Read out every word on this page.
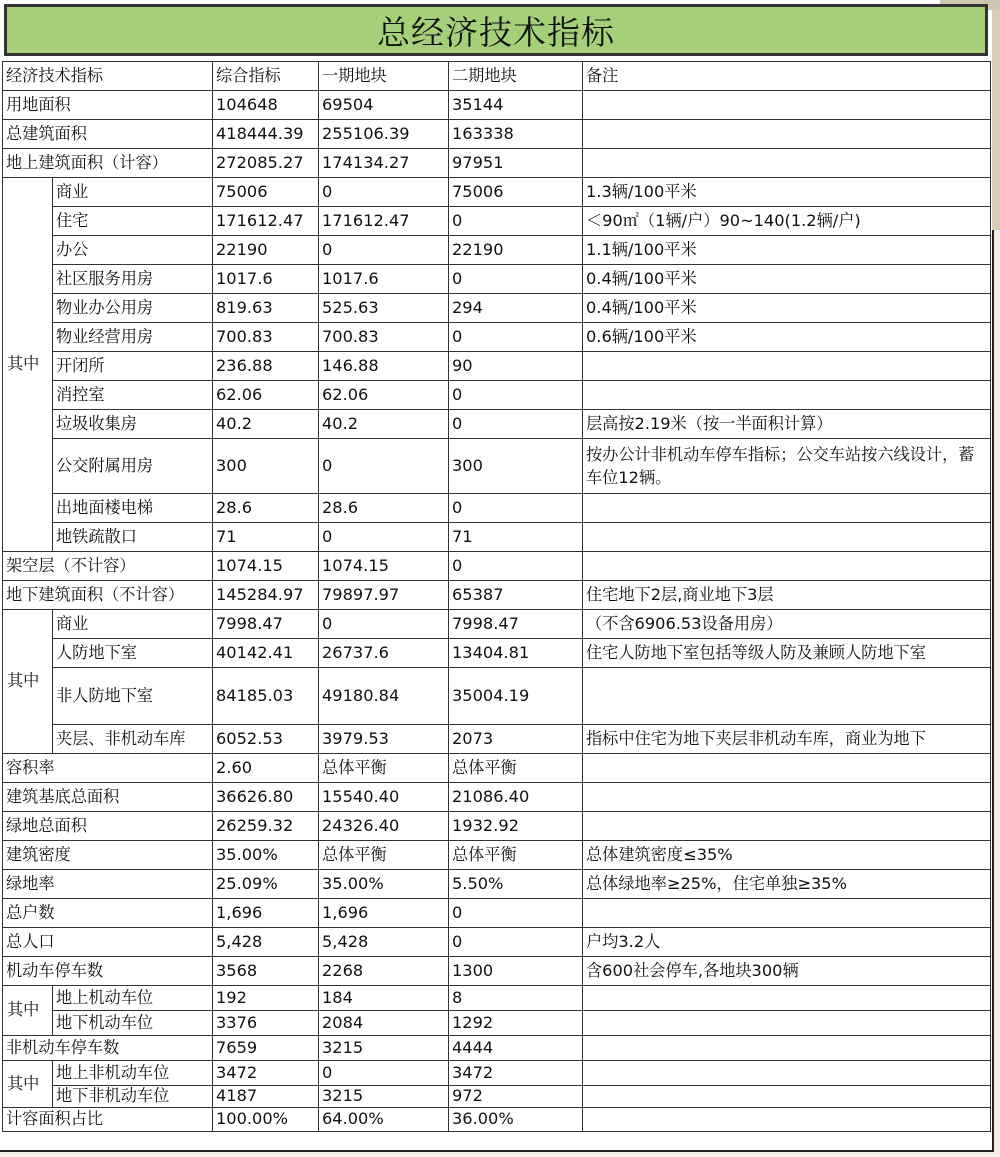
总经济技术指标
经济技术指标		综合指标	一期地块	二期地块	备注
用地面积		104648	69504	35144	
总建筑面积		418444.39	255106.39	163338	
地上建筑面积（计容）		272085.27	174134.27	97951	
其中	商业	75006	0	75006	1.3辆/100平米
	住宅	171612.47	171612.47	0	＜90㎡（1辆/户）90~140(1.2辆/户)
	办公	22190	0	22190	1.1辆/100平米
	社区服务用房	1017.6	1017.6	0	0.4辆/100平米
	物业办公用房	819.63	525.63	294	0.4辆/100平米
	物业经营用房	700.83	700.83	0	0.6辆/100平米
	开闭所	236.88	146.88	90	
	消控室	62.06	62.06	0	
	垃圾收集房	40.2	40.2	0	层高按2.19米（按一半面积计算）
	公交附属用房	300	0	300	按办公计非机动车停车指标；公交车站按六线设计，蓄车位12辆。
	出地面楼电梯	28.6	28.6	0	
	地铁疏散口	71	0	71	
架空层（不计容）		1074.15	1074.15	0	
地下建筑面积（不计容）		145284.97	79897.97	65387	住宅地下2层,商业地下3层
其中	商业	7998.47	0	7998.47	（不含6906.53设备用房）
	人防地下室	40142.41	26737.6	13404.81	住宅人防地下室包括等级人防及兼顾人防地下室
	非人防地下室	84185.03	49180.84	35004.19	
	夹层、非机动车库	6052.53	3979.53	2073	指标中住宅为地下夹层非机动车库，商业为地下
容积率		2.60	总体平衡	总体平衡	
建筑基底总面积		36626.80	15540.40	21086.40	
绿地总面积		26259.32	24326.40	1932.92	
建筑密度		35.00%	总体平衡	总体平衡	总体建筑密度≤35%
绿地率		25.09%	35.00%	5.50%	总体绿地率≥25%，住宅单独≥35%
总户数		1,696	1,696	0	
总人口		5,428	5,428	0	户均3.2人
机动车停车数		3568	2268	1300	含600社会停车,各地块300辆
其中	地上机动车位	192	184	8	
	地下机动车位	3376	2084	1292	
非机动车停车数		7659	3215	4444	
其中	地上非机动车位	3472	0	3472	
	地下非机动车位	4187	3215	972	
计容面积占比		100.00%	64.00%	36.00%	
